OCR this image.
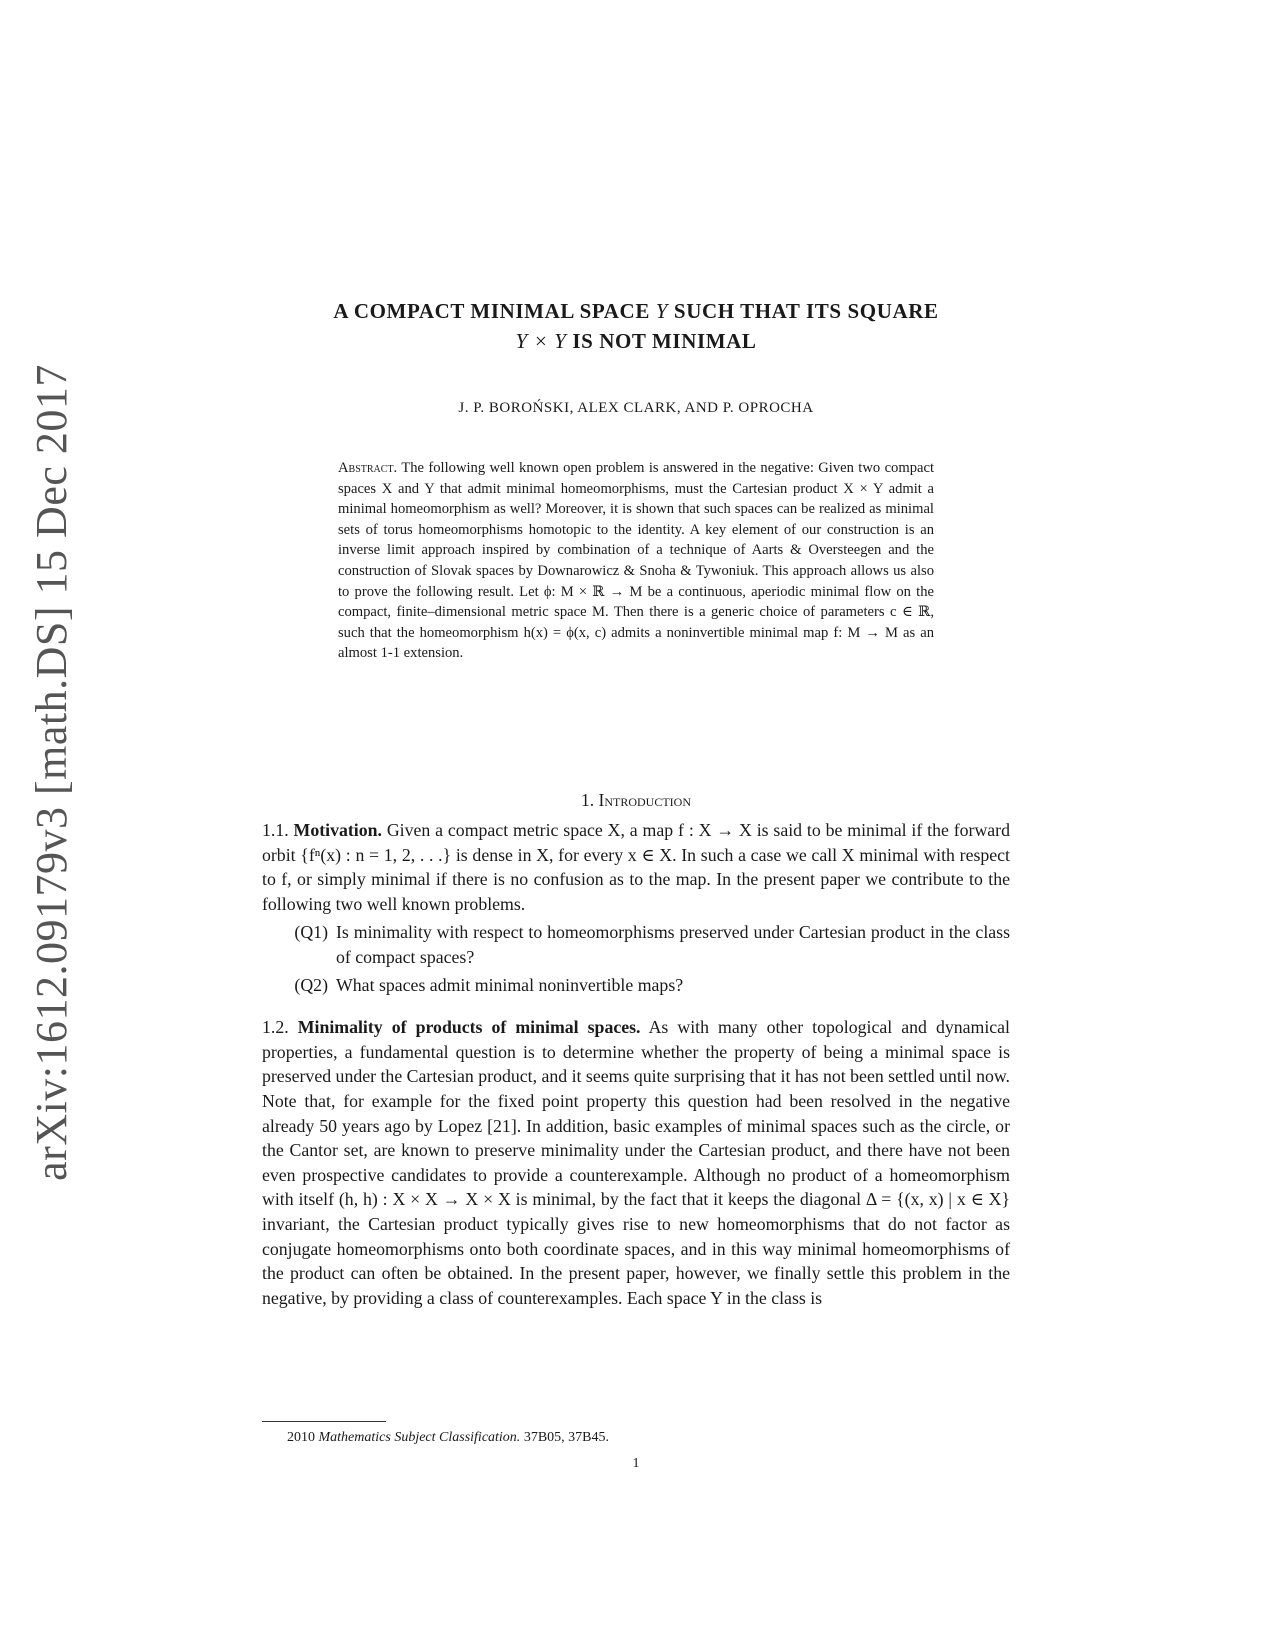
arXiv:1612.09179v3 [math.DS] 15 Dec 2017
A COMPACT MINIMAL SPACE Y SUCH THAT ITS SQUARE
Y × Y IS NOT MINIMAL
J. P. BOROŃSKI, ALEX CLARK, AND P. OPROCHA
Abstract. The following well known open problem is answered in the negative: Given two compact spaces X and Y that admit minimal homeomorphisms, must the Cartesian product X × Y admit a minimal homeomorphism as well? Moreover, it is shown that such spaces can be realized as minimal sets of torus homeomorphisms homotopic to the identity. A key element of our construction is an inverse limit approach inspired by combination of a technique of Aarts & Oversteegen and the construction of Slovak spaces by Downarowicz & Snoha & Tywoniuk. This approach allows us also to prove the following result. Let ϕ: M × ℝ → M be a continuous, aperiodic minimal flow on the compact, finite–dimensional metric space M. Then there is a generic choice of parameters c ∈ ℝ, such that the homeomorphism h(x) = ϕ(x, c) admits a noninvertible minimal map f: M → M as an almost 1-1 extension.
1. Introduction

1.1. Motivation. Given a compact metric space X, a map f : X → X is said to be minimal if the forward orbit {fⁿ(x) : n = 1, 2, . . .} is dense in X, for every x ∈ X. In such a case we call X minimal with respect to f, or simply minimal if there is no confusion as to the map. In the present paper we contribute to the following two well known problems.

(Q1) Is minimality with respect to homeomorphisms preserved under Cartesian product in the class of compact spaces?
(Q2) What spaces admit minimal noninvertible maps?

1.2. Minimality of products of minimal spaces. As with many other topological and dynamical properties, a fundamental question is to determine whether the property of being a minimal space is preserved under the Cartesian product, and it seems quite surprising that it has not been settled until now. Note that, for example for the fixed point property this question had been resolved in the negative already 50 years ago by Lopez [21]. In addition, basic examples of minimal spaces such as the circle, or the Cantor set, are known to preserve minimality under the Cartesian product, and there have not been even prospective candidates to provide a counterexample. Although no product of a homeomorphism with itself (h, h) : X × X → X × X is minimal, by the fact that it keeps the diagonal Δ = {(x, x) | x ∈ X} invariant, the Cartesian product typically gives rise to new homeomorphisms that do not factor as conjugate homeomorphisms onto both coordinate spaces, and in this way minimal homeomorphisms of the product can often be obtained. In the present paper, however, we finally settle this problem in the negative, by providing a class of counterexamples. Each space Y in the class is

2010 Mathematics Subject Classification. 37B05, 37B45.
1
